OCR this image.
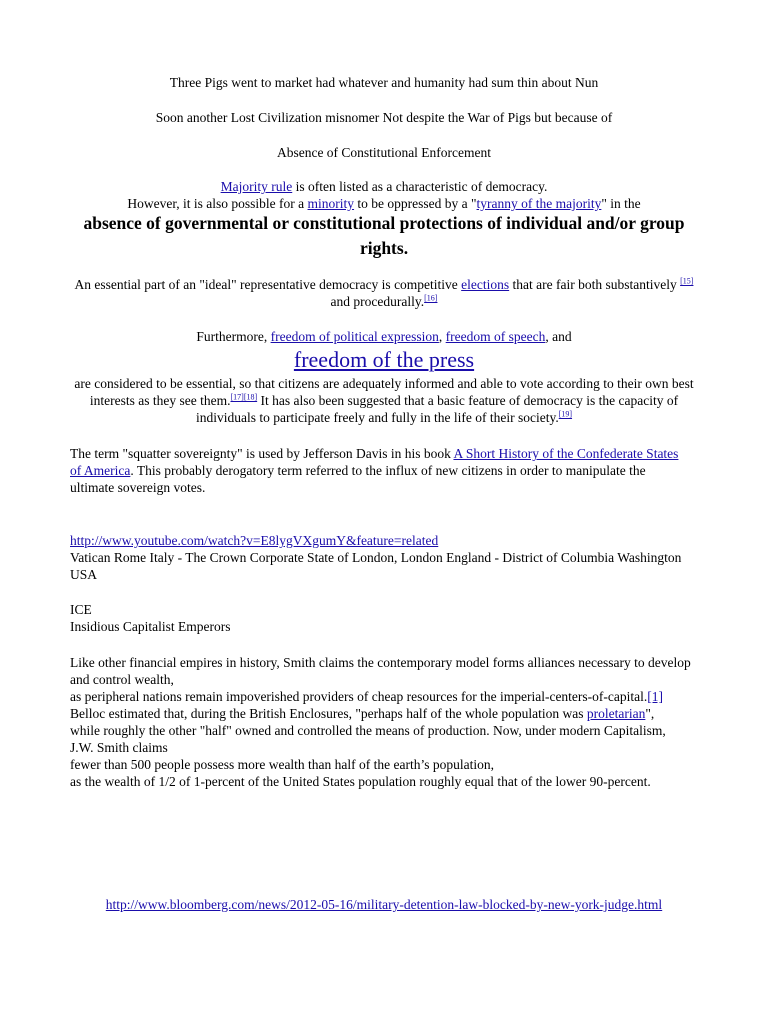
Three Pigs went to market had whatever and humanity had sum thin about Nun
Soon another Lost Civilization misnomer Not despite the War of Pigs but because of
Absence of Constitutional Enforcement
Majority rule is often listed as a characteristic of democracy.
However, it is also possible for a minority to be oppressed by a "tyranny of the majority" in the
absence of governmental or constitutional protections of individual and/or group rights.
An essential part of an "ideal" representative democracy is competitive elections that are fair both substantively [15] and procedurally.[16]
Furthermore, freedom of political expression, freedom of speech, and
freedom of the press
are considered to be essential, so that citizens are adequately informed and able to vote according to their own best interests as they see them.[17][18] It has also been suggested that a basic feature of democracy is the capacity of individuals to participate freely and fully in the life of their society.[19]
The term "squatter sovereignty" is used by Jefferson Davis in his book A Short History of the Confederate States of America. This probably derogatory term referred to the influx of new citizens in order to manipulate the ultimate sovereign votes.
http://www.youtube.com/watch?v=E8lygVXgumY&feature=related
Vatican Rome Italy - The Crown Corporate State of London, London England - District of Columbia Washington USA
ICE
Insidious Capitalist Emperors
Like other financial empires in history, Smith claims the contemporary model forms alliances necessary to develop and control wealth,
as peripheral nations remain impoverished providers of cheap resources for the imperial-centers-of-capital.[1]
Belloc estimated that, during the British Enclosures, "perhaps half of the whole population was proletarian",
while roughly the other "half" owned and controlled the means of production. Now, under modern Capitalism, J.W. Smith claims
fewer than 500 people possess more wealth than half of the earth’s population,
as the wealth of 1/2 of 1-percent of the United States population roughly equal that of the lower 90-percent.
http://www.bloomberg.com/news/2012-05-16/military-detention-law-blocked-by-new-york-judge.html
